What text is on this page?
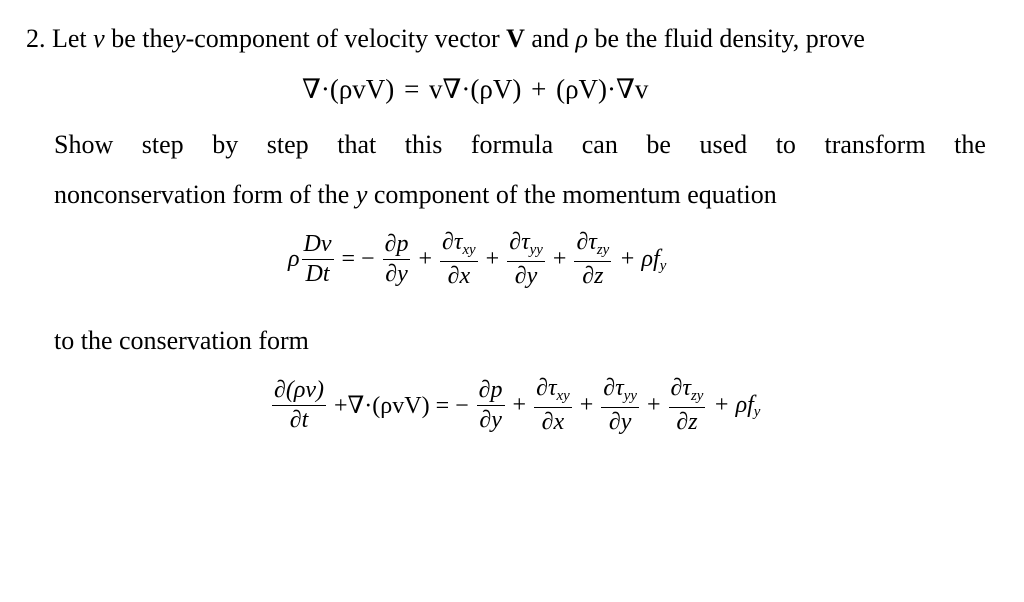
2. Let v be they-component of velocity vector V and ρ be the fluid density, prove
∇·(ρvV) = v∇·(ρV) + (ρV)·∇v
Show step by step that this formula can be used to transform the
nonconservation form of the y component of the momentum equation
ρ $\frac{Dv}{Dt}$ = − $\frac{\partial p}{\partial y} + \frac{\partial\tau_{xy}}{\partial x} + \frac{\partial\tau_{yy}}{\partial y} + \frac{\partial\tau_{zy}}{\partial z} + \rho f_y$
to the conservation form
$\frac{\partial(\rho v)}{\partial t} +\nabla\cdot(\rho vV)$ = − $\frac{\partial p}{\partial y} + \frac{\partial\tau_{xy}}{\partial x} + \frac{\partial\tau_{yy}}{\partial y} + \frac{\partial\tau_{zy}}{\partial z} + \rho f_y$
